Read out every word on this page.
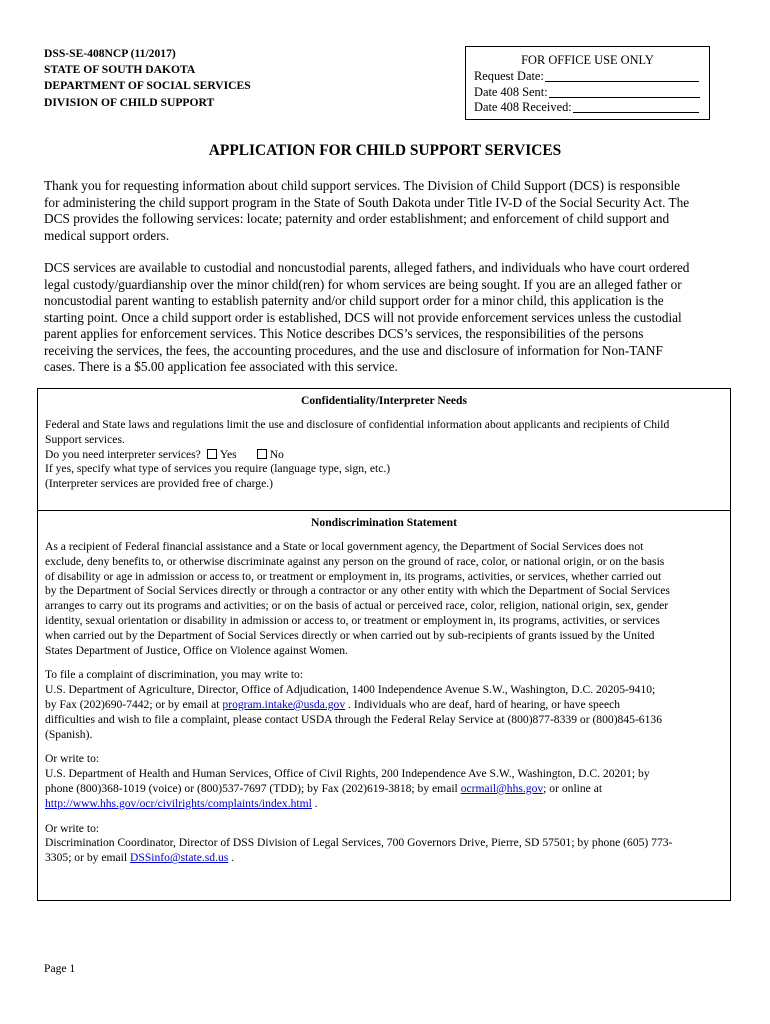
DSS-SE-408NCP (11/2017)
STATE OF SOUTH DAKOTA
DEPARTMENT OF SOCIAL SERVICES
DIVISION OF CHILD SUPPORT
FOR OFFICE USE ONLY
Request Date:
Date 408 Sent:
Date 408 Received:
APPLICATION FOR CHILD SUPPORT SERVICES
Thank you for requesting information about child support services. The Division of Child Support (DCS) is responsible
for administering the child support program in the State of South Dakota under Title IV-D of the Social Security Act. The
DCS provides the following services: locate; paternity and order establishment; and enforcement of child support and
medical support orders.
DCS services are available to custodial and noncustodial parents, alleged fathers, and individuals who have court ordered
legal custody/guardianship over the minor child(ren) for whom services are being sought. If you are an alleged father or
noncustodial parent wanting to establish paternity and/or child support order for a minor child, this application is the
starting point. Once a child support order is established, DCS will not provide enforcement services unless the custodial
parent applies for enforcement services. This Notice describes DCS’s services, the responsibilities of the persons
receiving the services, the fees, the accounting procedures, and the use and disclosure of information for Non-TANF
cases. There is a $5.00 application fee associated with this service.
Confidentiality/Interpreter Needs
Federal and State laws and regulations limit the use and disclosure of confidential information about applicants and recipients of Child
Support services.
Do you need interpreter services? Yes	No
If yes, specify what type of services you require (language type, sign, etc.)
(Interpreter services are provided free of charge.)
Nondiscrimination Statement
As a recipient of Federal financial assistance and a State or local government agency, the Department of Social Services does not
exclude, deny benefits to, or otherwise discriminate against any person on the ground of race, color, or national origin, or on the basis
of disability or age in admission or access to, or treatment or employment in, its programs, activities, or services, whether carried out
by the Department of Social Services directly or through a contractor or any other entity with which the Department of Social Services
arranges to carry out its programs and activities; or on the basis of actual or perceived race, color, religion, national origin, sex, gender
identity, sexual orientation or disability in admission or access to, or treatment or employment in, its programs, activities, or services
when carried out by the Department of Social Services directly or when carried out by sub-recipients of grants issued by the United
States Department of Justice, Office on Violence against Women.
To file a complaint of discrimination, you may write to:
U.S. Department of Agriculture, Director, Office of Adjudication, 1400 Independence Avenue S.W., Washington, D.C. 20205-9410;
by Fax (202)690-7442; or by email at program.intake@usda.gov . Individuals who are deaf, hard of hearing, or have speech
difficulties and wish to file a complaint, please contact USDA through the Federal Relay Service at (800)877-8339 or (800)845-6136
(Spanish).
Or write to:
U.S. Department of Health and Human Services, Office of Civil Rights, 200 Independence Ave S.W., Washington, D.C. 20201; by
phone (800)368-1019 (voice) or (800)537-7697 (TDD); by Fax (202)619-3818; by email ocrmail@hhs.gov; or online at
http://www.hhs.gov/ocr/civilrights/complaints/index.html .
Or write to:
Discrimination Coordinator, Director of DSS Division of Legal Services, 700 Governors Drive, Pierre, SD 57501; by phone (605) 773-
3305; or by email DSSinfo@state.sd.us .
Page 1
